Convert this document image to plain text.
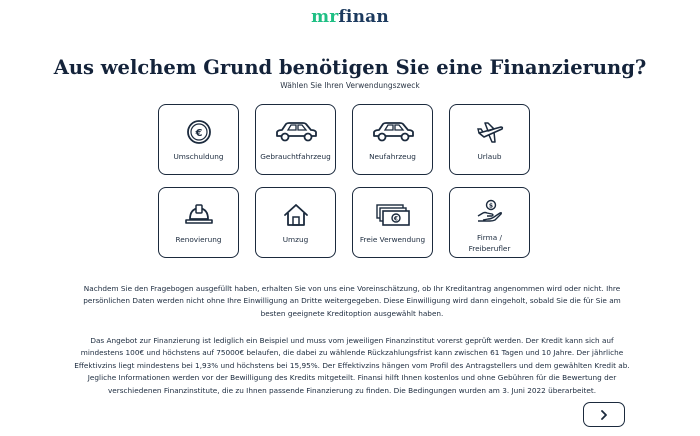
mrfinan
Aus welchem Grund benötigen Sie eine Finanzierung?
Wählen Sie Ihren Verwendungszweck
€
Umschuldung	Gebrauchtfahrzeug	Neufahrzeug	Urlaub
Renovierung	Umzug
€
Freie Verwendung
$
Firma / Freiberufler

Nachdem Sie den Fragebogen ausgefüllt haben, erhalten Sie von uns eine Voreinschätzung, ob Ihr Kreditantrag angenommen wird oder nicht. Ihre persönlichen Daten werden nicht ohne Ihre Einwilligung an Dritte weitergegeben. Diese Einwilligung wird dann eingeholt, sobald Sie die für Sie am besten geeignete Kreditoption ausgewählt haben.

Das Angebot zur Finanzierung ist lediglich ein Beispiel und muss vom jeweiligen Finanzinstitut vorerst geprüft werden. Der Kredit kann sich auf mindestens 100€ und höchstens auf 75000€ belaufen, die dabei zu wählende Rückzahlungsfrist kann zwischen 61 Tagen und 10 Jahre. Der jährliche Effektivzins liegt mindestens bei 1,93% und höchstens bei 15,95%. Der Effektivzins hängen vom Profil des Antragstellers und dem gewählten Kredit ab. Jegliche Informationen werden vor der Bewilligung des Kredits mitgeteilt. Finansi hilft Ihnen kostenlos und ohne Gebühren für die Bewertung der verschiedenen Finanzinstitute, die zu Ihnen passende Finanzierung zu finden. Die Bedingungen wurden am 3. Juni 2022 überarbeitet.
